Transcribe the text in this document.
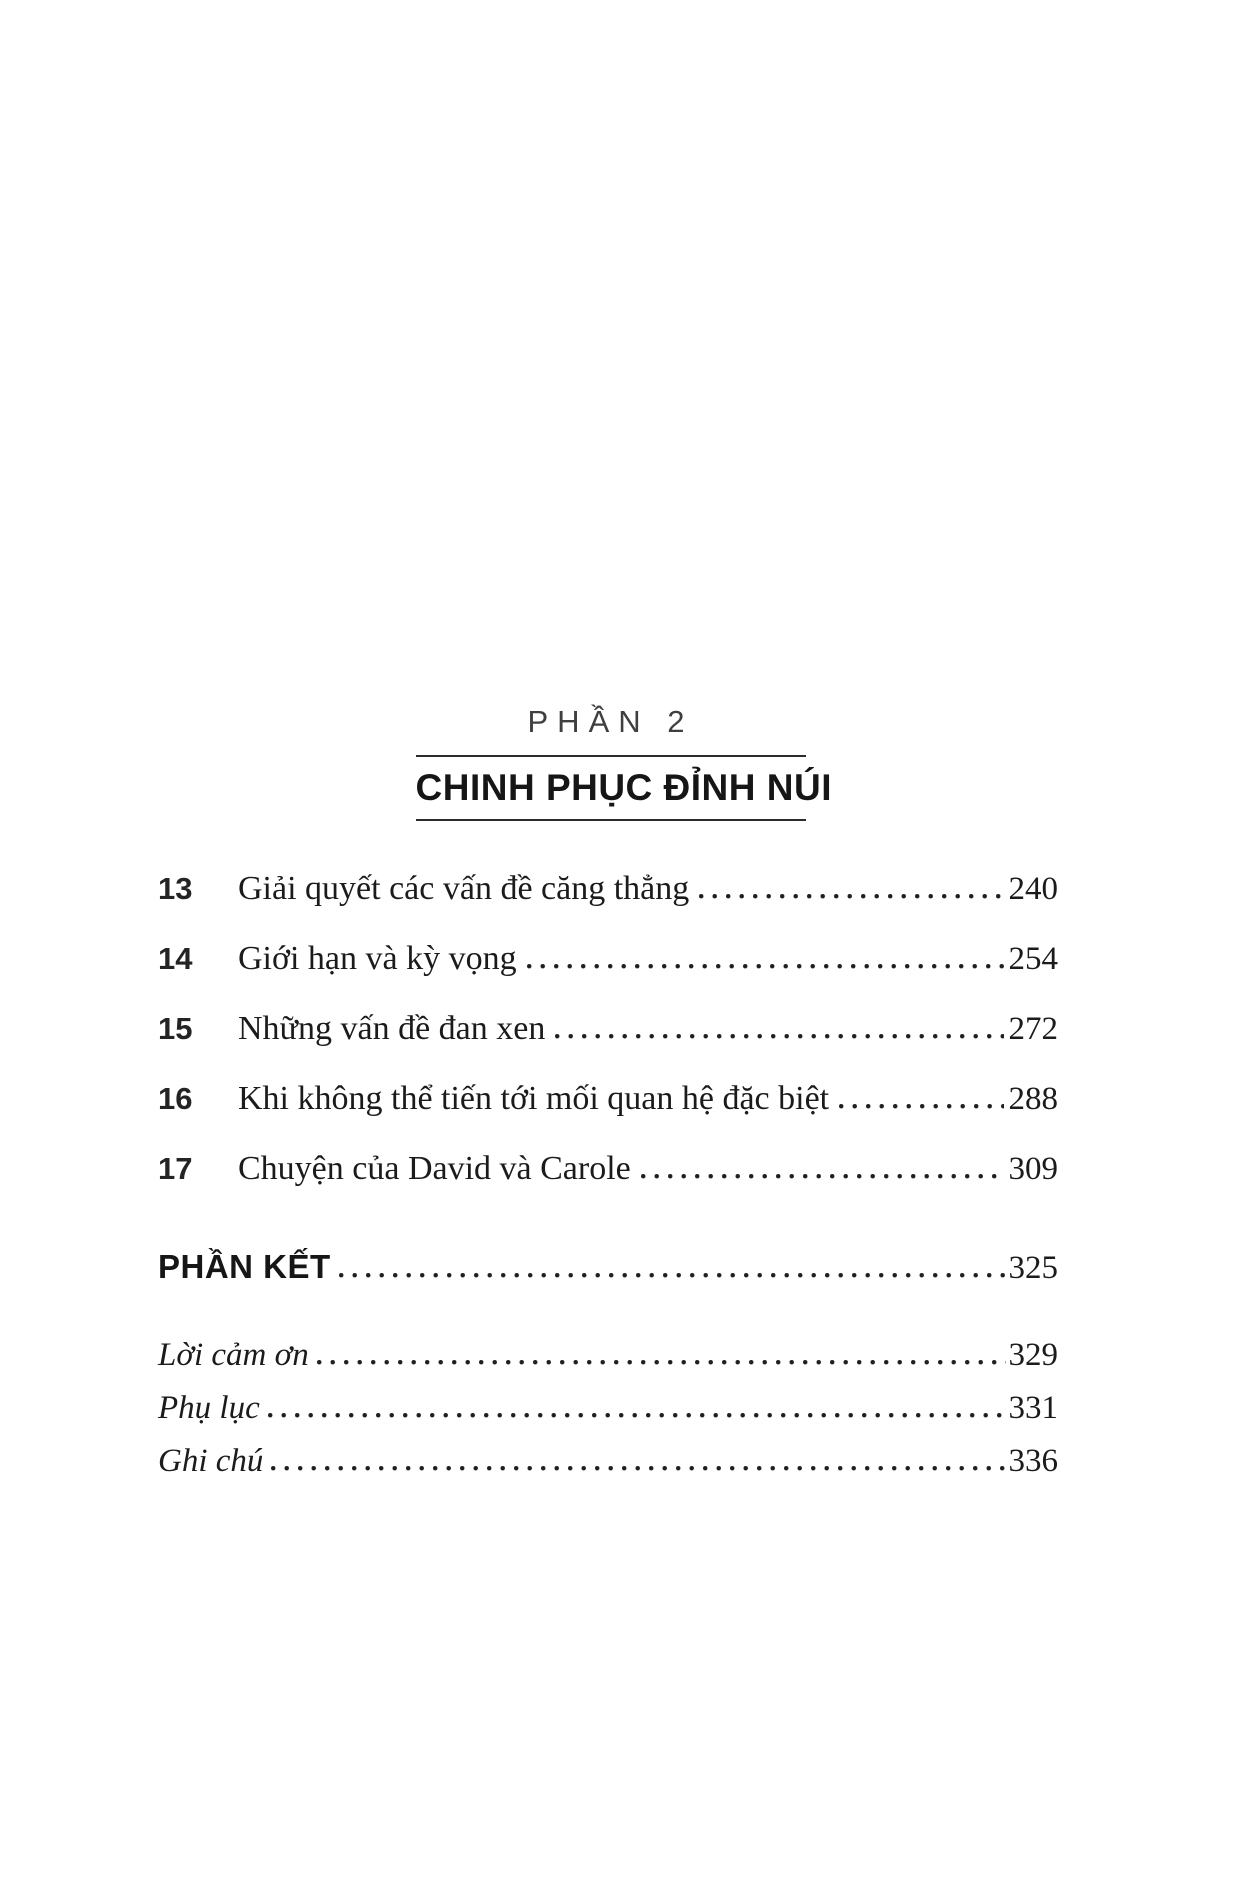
PHẦN 2
CHINH PHỤC ĐỈNH NÚI
13	Giải quyết các vấn đề căng thẳng	240
14	Giới hạn và kỳ vọng	254
15	Những vấn đề đan xen	272
16	Khi không thể tiến tới mối quan hệ đặc biệt	288
17	Chuyện của David và Carole	309
PHẦN KẾT	325
Lời cảm ơn	329
Phụ lục	331
Ghi chú	336
